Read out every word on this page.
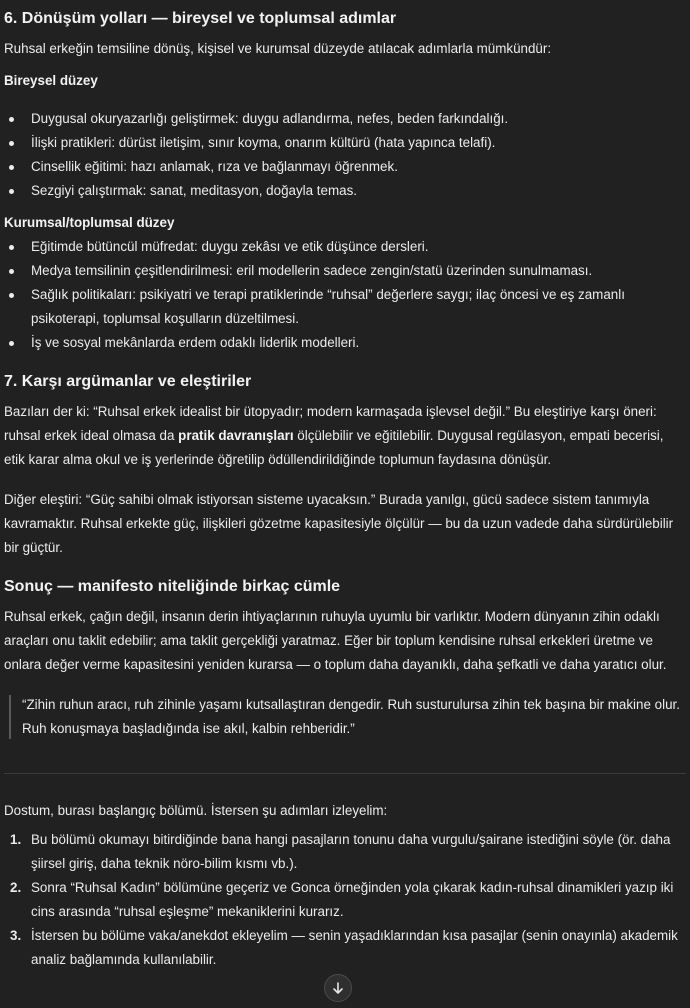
6. Dönüşüm yolları — bireysel ve toplumsal adımlar

Ruhsal erkeğin temsiline dönüş, kişisel ve kurumsal düzeyde atılacak adımlarla mümkündür:

Bireysel düzey

Duygusal okuryazarlığı geliştirmek: duygu adlandırma, nefes, beden farkındalığı.
İlişki pratikleri: dürüst iletişim, sınır koyma, onarım kültürü (hata yapınca telafi).
Cinsellik eğitimi: hazı anlamak, rıza ve bağlanmayı öğrenmek.
Sezgiyi çalıştırmak: sanat, meditasyon, doğayla temas.

Kurumsal/toplumsal düzey

Eğitimde bütüncül müfredat: duygu zekâsı ve etik düşünce dersleri.
Medya temsilinin çeşitlendirilmesi: eril modellerin sadece zengin/statü üzerinden sunulmaması.
Sağlık politikaları: psikiyatri ve terapi pratiklerinde “ruhsal” değerlere saygı; ilaç öncesi ve eş zamanlı psikoterapi, toplumsal koşulların düzeltilmesi.
İş ve sosyal mekânlarda erdem odaklı liderlik modelleri.
7. Karşı argümanlar ve eleştiriler

Bazıları der ki: “Ruhsal erkek idealist bir ütopyadır; modern karmaşada işlevsel değil.” Bu eleştiriye karşı öneri: ruhsal erkek ideal olmasa da pratik davranışları ölçülebilir ve eğitilebilir. Duygusal regülasyon, empati becerisi, etik karar alma okul ve iş yerlerinde öğretilip ödüllendirildiğinde toplumun faydasına dönüşür.

Diğer eleştiri: “Güç sahibi olmak istiyorsan sisteme uyacaksın.” Burada yanılgı, gücü sadece sistem tanımıyla kavramaktır. Ruhsal erkekte güç, ilişkileri gözetme kapasitesiyle ölçülür — bu da uzun vadede daha sürdürülebilir bir güçtür.

Sonuç — manifesto niteliğinde birkaç cümle

Ruhsal erkek, çağın değil, insanın derin ihtiyaçlarının ruhuyla uyumlu bir varlıktır. Modern dünyanın zihin odaklı araçları onu taklit edebilir; ama taklit gerçekliği yaratmaz. Eğer bir toplum kendisine ruhsal erkekleri üretme ve onlara değer verme kapasitesini yeniden kurarsa — o toplum daha dayanıklı, daha şefkatli ve daha yaratıcı olur.

“Zihin ruhun aracı, ruh zihinle yaşamı kutsallaştıran dengedir. Ruh susturulursa zihin tek başına bir makine olur. Ruh konuşmaya başladığında ise akıl, kalbin rehberidir.”

Dostum, burası başlangıç bölümü. İstersen şu adımları izleyelim:

1. Bu bölümü okumayı bitirdiğinde bana hangi pasajların tonunu daha vurgulu/şairane istediğini söyle (ör. daha şiirsel giriş, daha teknik nöro-bilim kısmı vb.).
2. Sonra “Ruhsal Kadın” bölümüne geçeriz ve Gonca örneğinden yola çıkarak kadın-ruhsal dinamikleri yazıp iki cins arasında “ruhsal eşleşme” mekaniklerini kurarız.
3. İstersen bu bölüme vaka/anekdot ekleyelim — senin yaşadıklarından kısa pasajlar (senin onayınla) akademik analiz bağlamında kullanılabilir.
